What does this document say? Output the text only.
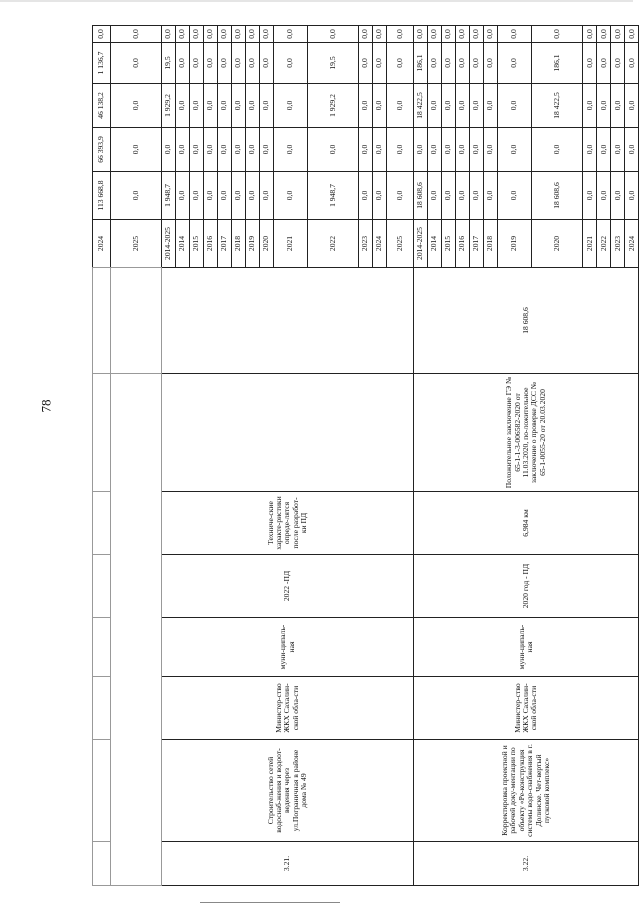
78
								2024	113 668,8	66 393,9	46 138,2	1 136,7	0,0	
								2025	0,0	0,0	0,0	0,0	0,0	
3.21.	Строительство сетей водоснаб-жения и водоот-ведения через ул.Пограничная в районе дома № 49	Министер-ство ЖКХ Сахалин-ской обла-сти	муни-ципаль-ная	2022 -ПД	Техниче-ские характе-ристики опреде-лятся после разработ-ки ПД			2014-2025	1 948,7	0,0	1 929,2	19,5	0,0	
								2014	0,0	0,0	0,0	0,0	0,0	
								2015	0,0	0,0	0,0	0,0	0,0	
								2016	0,0	0,0	0,0	0,0	0,0	
								2017	0,0	0,0	0,0	0,0	0,0	
								2018	0,0	0,0	0,0	0,0	0,0	
								2019	0,0	0,0	0,0	0,0	0,0	
								2020	0,0	0,0	0,0	0,0	0,0	
								2021	0,0	0,0	0,0	0,0	0,0	
								2022	1 948,7	0,0	1 929,2	19,5	0,0	
								2023	0,0	0,0	0,0	0,0	0,0	
								2024	0,0	0,0	0,0	0,0	0,0	
								2025	0,0	0,0	0,0	0,0	0,0	
3.22.	Корректировка проектной и рабочей доку-ментации по объекту «Ре-конструкция системы водо-снабжения в г. Долинске. Чет-вертый пусковой комплекс»	Министер-ство ЖКХ Сахалин-ской обла-сти	муни-ципаль-ная	2020 год - ПД	6,984 км	Положительное заключение ГЭ № 65-1-1-3-006582-2020 от 11.03.2020, по-ложительное заключение о проверке ДСС № 65-1-0055-20 от 20.03.2020	18 608,6	2014-2025	18 608,6	0,0	18 422,5	186,1	0,0	
								2014	0,0	0,0	0,0	0,0	0,0	
								2015	0,0	0,0	0,0	0,0	0,0	
								2016	0,0	0,0	0,0	0,0	0,0	
								2017	0,0	0,0	0,0	0,0	0,0	
								2018	0,0	0,0	0,0	0,0	0,0	
								2019	0,0	0,0	0,0	0,0	0,0	
								2020	18 608,6	0,0	18 422,5	186,1	0,0	
								2021	0,0	0,0	0,0	0,0	0,0	
								2022	0,0	0,0	0,0	0,0	0,0	
								2023	0,0	0,0	0,0	0,0	0,0	
								2024	0,0	0,0	0,0	0,0	0,0	
